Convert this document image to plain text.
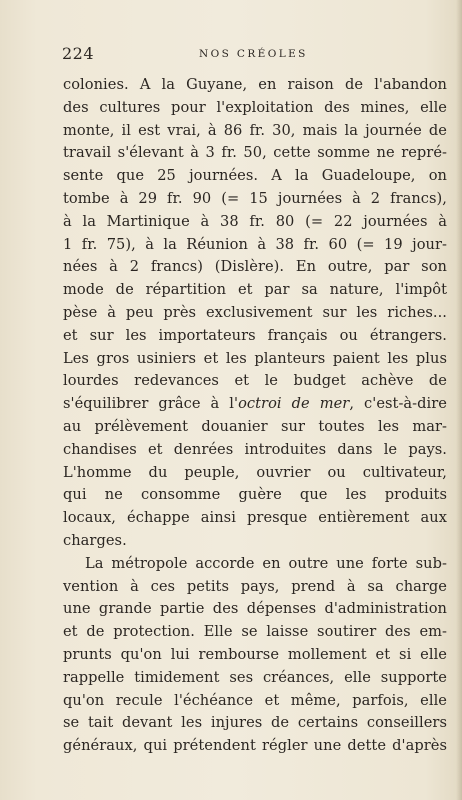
224	NOS CRÉOLES
colonies. A la Guyane, en raison de l'abandon
des cultures pour l'exploitation des mines, elle
monte, il est vrai, à 86 fr. 30, mais la journée de
travail s'élevant à 3 fr. 50, cette somme ne repré-
sente que 25 journées. A la Guadeloupe, on
tombe à 29 fr. 90 (= 15 journées à 2 francs),
à la Martinique à 38 fr. 80 (= 22 journées à
1 fr. 75), à la Réunion à 38 fr. 60 (= 19 jour-
nées à 2 francs) (Dislère). En outre, par son
mode de répartition et par sa nature, l'impôt
pèse à peu près exclusivement sur les riches...
et sur les importateurs français ou étrangers.
Les gros usiniers et les planteurs paient les plus
lourdes redevances et le budget achève de
s'équilibrer grâce à l'octroi de mer, c'est-à-dire
au prélèvement douanier sur toutes les mar-
chandises et denrées introduites dans le pays.
L'homme du peuple, ouvrier ou cultivateur,
qui ne consomme guère que les produits
locaux, échappe ainsi presque entièrement aux
charges.
La métropole accorde en outre une forte sub-
vention à ces petits pays, prend à sa charge
une grande partie des dépenses d'administration
et de protection. Elle se laisse soutirer des em-
prunts qu'on lui rembourse mollement et si elle
rappelle timidement ses créances, elle supporte
qu'on recule l'échéance et même, parfois, elle
se tait devant les injures de certains conseillers
généraux, qui prétendent régler une dette d'après
